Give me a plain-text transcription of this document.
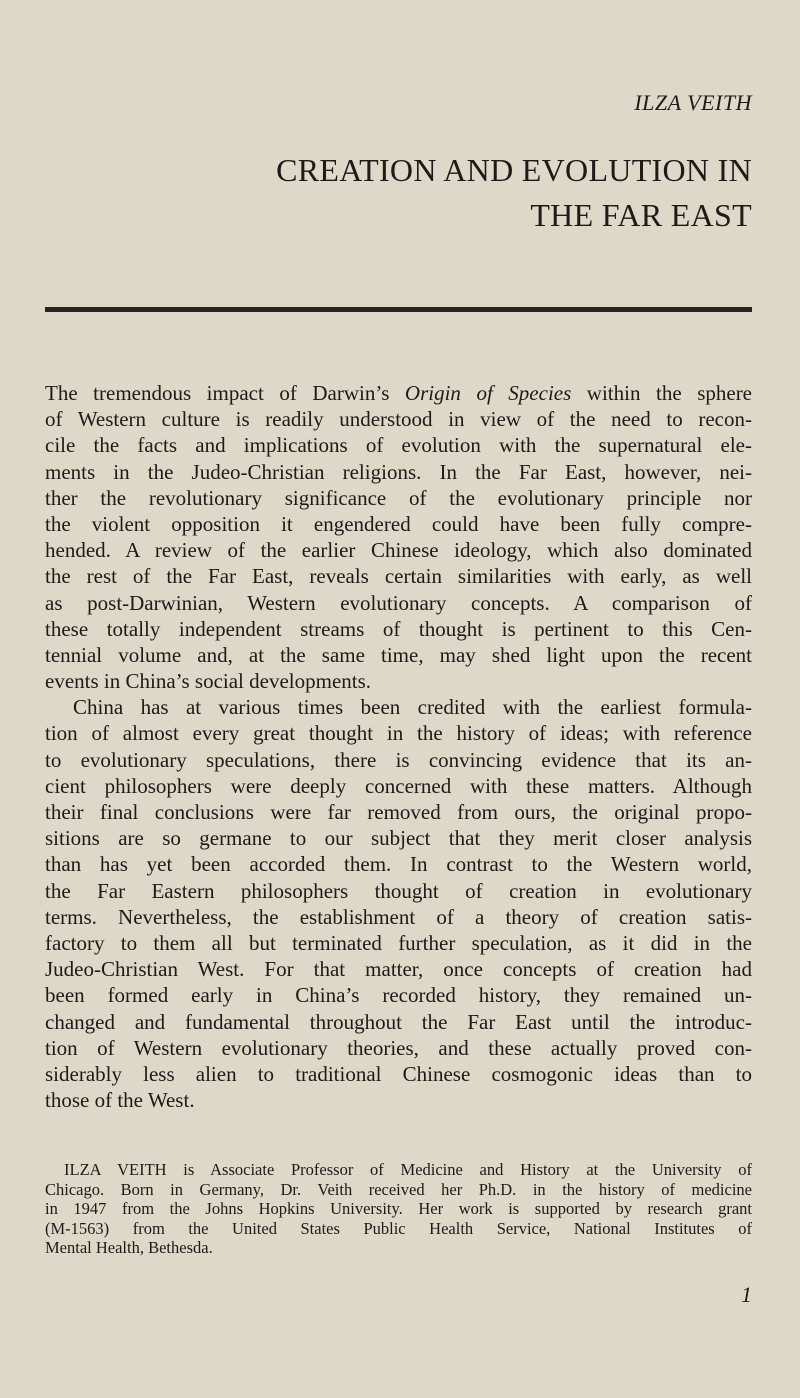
ILZA VEITH
CREATION AND EVOLUTION IN
THE FAR EAST
The tremendous impact of Darwin’s Origin of Species within the sphere
of Western culture is readily understood in view of the need to recon-
cile the facts and implications of evolution with the supernatural ele-
ments in the Judeo-Christian religions. In the Far East, however, nei-
ther the revolutionary significance of the evolutionary principle nor
the violent opposition it engendered could have been fully compre-
hended. A review of the earlier Chinese ideology, which also dominated
the rest of the Far East, reveals certain similarities with early, as well
as post-Darwinian, Western evolutionary concepts. A comparison of
these totally independent streams of thought is pertinent to this Cen-
tennial volume and, at the same time, may shed light upon the recent
events in China’s social developments.
China has at various times been credited with the earliest formula-
tion of almost every great thought in the history of ideas; with reference
to evolutionary speculations, there is convincing evidence that its an-
cient philosophers were deeply concerned with these matters. Although
their final conclusions were far removed from ours, the original propo-
sitions are so germane to our subject that they merit closer analysis
than has yet been accorded them. In contrast to the Western world,
the Far Eastern philosophers thought of creation in evolutionary
terms. Nevertheless, the establishment of a theory of creation satis-
factory to them all but terminated further speculation, as it did in the
Judeo-Christian West. For that matter, once concepts of creation had
been formed early in China’s recorded history, they remained un-
changed and fundamental throughout the Far East until the introduc-
tion of Western evolutionary theories, and these actually proved con-
siderably less alien to traditional Chinese cosmogonic ideas than to
those of the West.
ILZA VEITH is Associate Professor of Medicine and History at the University of
Chicago. Born in Germany, Dr. Veith received her Ph.D. in the history of medicine
in 1947 from the Johns Hopkins University. Her work is supported by research grant
(M-1563) from the United States Public Health Service, National Institutes of
Mental Health, Bethesda.
1
